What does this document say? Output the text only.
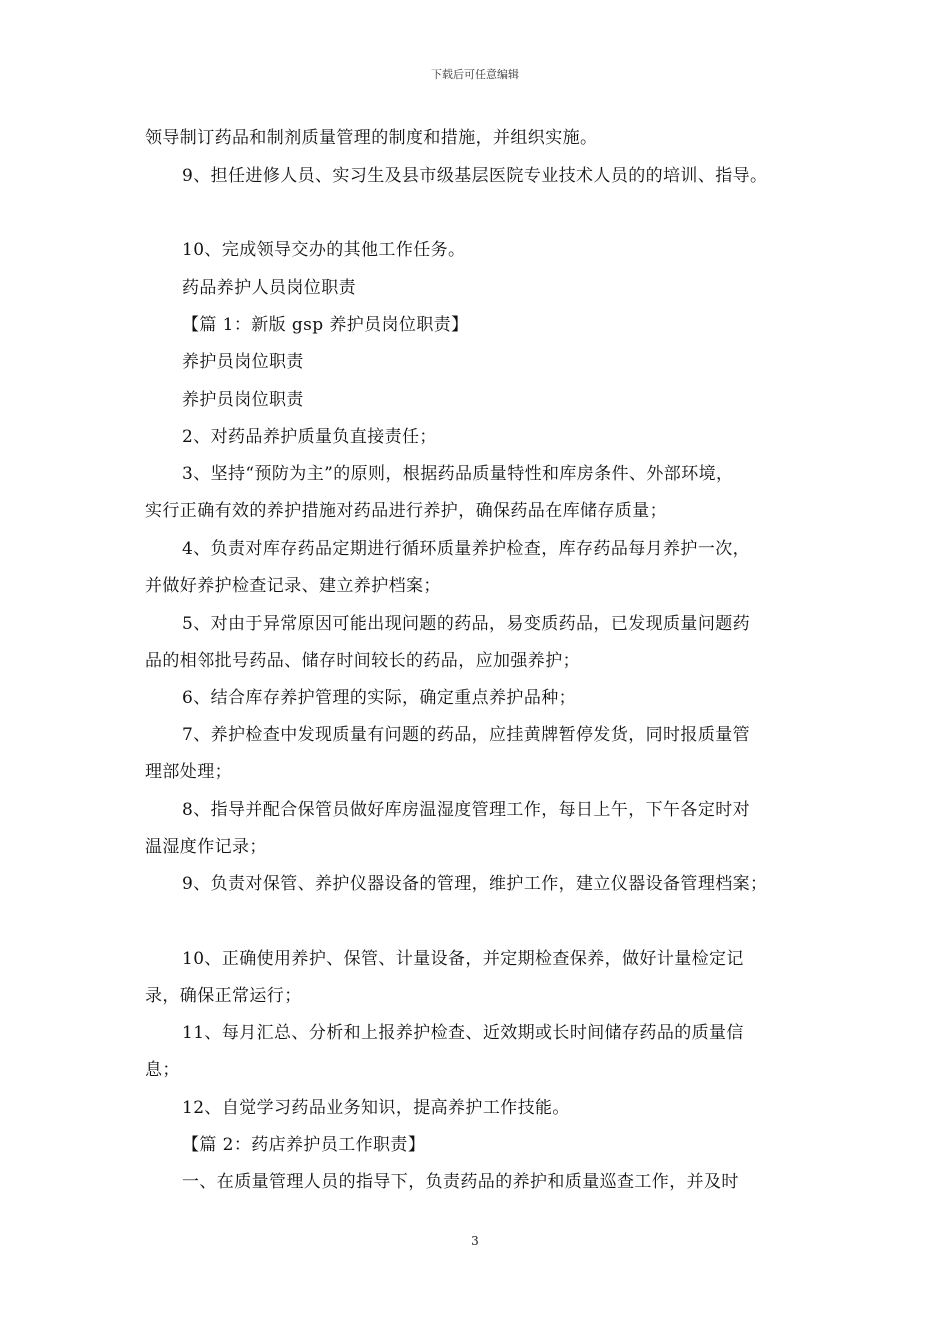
下载后可任意编辑
领导制订药品和制剂质量管理的制度和措施，并组织实施。
9、担任进修人员、实习生及县市级基层医院专业技术人员的的培训、指导。
10、完成领导交办的其他工作任务。
药品养护人员岗位职责
【篇 1：新版 gsp 养护员岗位职责】
养护员岗位职责
养护员岗位职责
2、对药品养护质量负直接责任；
3、坚持“预防为主”的原则，根据药品质量特性和库房条件、外部环境，
实行正确有效的养护措施对药品进行养护，确保药品在库储存质量；
4、负责对库存药品定期进行循环质量养护检查，库存药品每月养护一次，
并做好养护检查记录、建立养护档案；
5、对由于异常原因可能出现问题的药品，易变质药品，已发现质量问题药
品的相邻批号药品、储存时间较长的药品，应加强养护；
6、结合库存养护管理的实际，确定重点养护品种；
7、养护检查中发现质量有问题的药品，应挂黄牌暂停发货，同时报质量管
理部处理；
8、指导并配合保管员做好库房温湿度管理工作，每日上午，下午各定时对
温湿度作记录；
9、负责对保管、养护仪器设备的管理，维护工作，建立仪器设备管理档案；
10、正确使用养护、保管、计量设备，并定期检查保养，做好计量检定记
录，确保正常运行；
11、每月汇总、分析和上报养护检查、近效期或长时间储存药品的质量信
息；
12、自觉学习药品业务知识，提高养护工作技能。
【篇 2：药店养护员工作职责】
一、在质量管理人员的指导下，负责药品的养护和质量巡查工作，并及时
3
